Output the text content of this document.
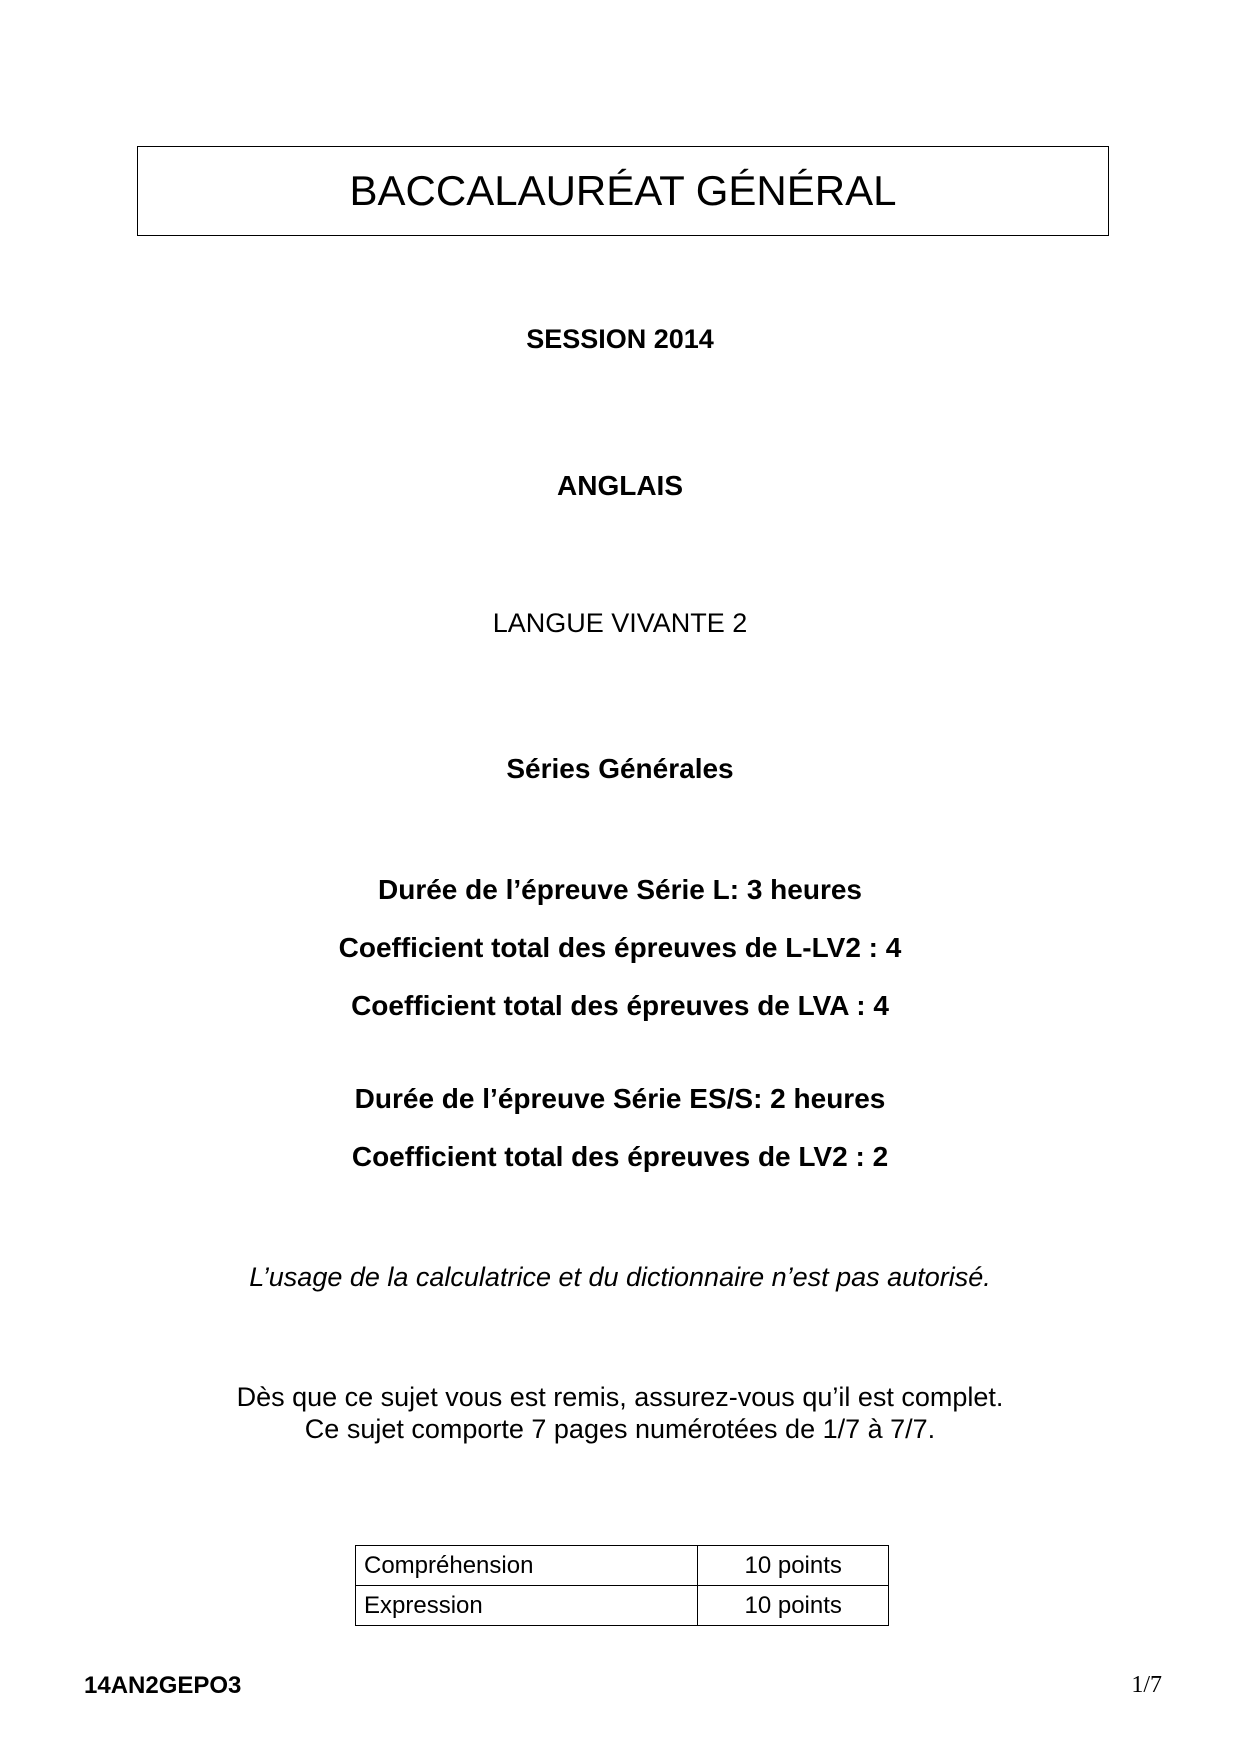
BACCALAURÉAT GÉNÉRAL
SESSION 2014
ANGLAIS
LANGUE VIVANTE 2
Séries Générales
Durée de l’épreuve Série L: 3 heures
Coefficient total des épreuves de L-LV2 : 4
Coefficient total des épreuves de LVA : 4
Durée de l’épreuve Série ES/S: 2 heures
Coefficient total des épreuves de LV2 : 2
L’usage de la calculatrice et du dictionnaire n’est pas autorisé.
Dès que ce sujet vous est remis, assurez-vous qu’il est complet.
Ce sujet comporte 7 pages numérotées de 1/7 à 7/7.
Compréhension	10 points
Expression	10 points
14AN2GEPO3	1/7
